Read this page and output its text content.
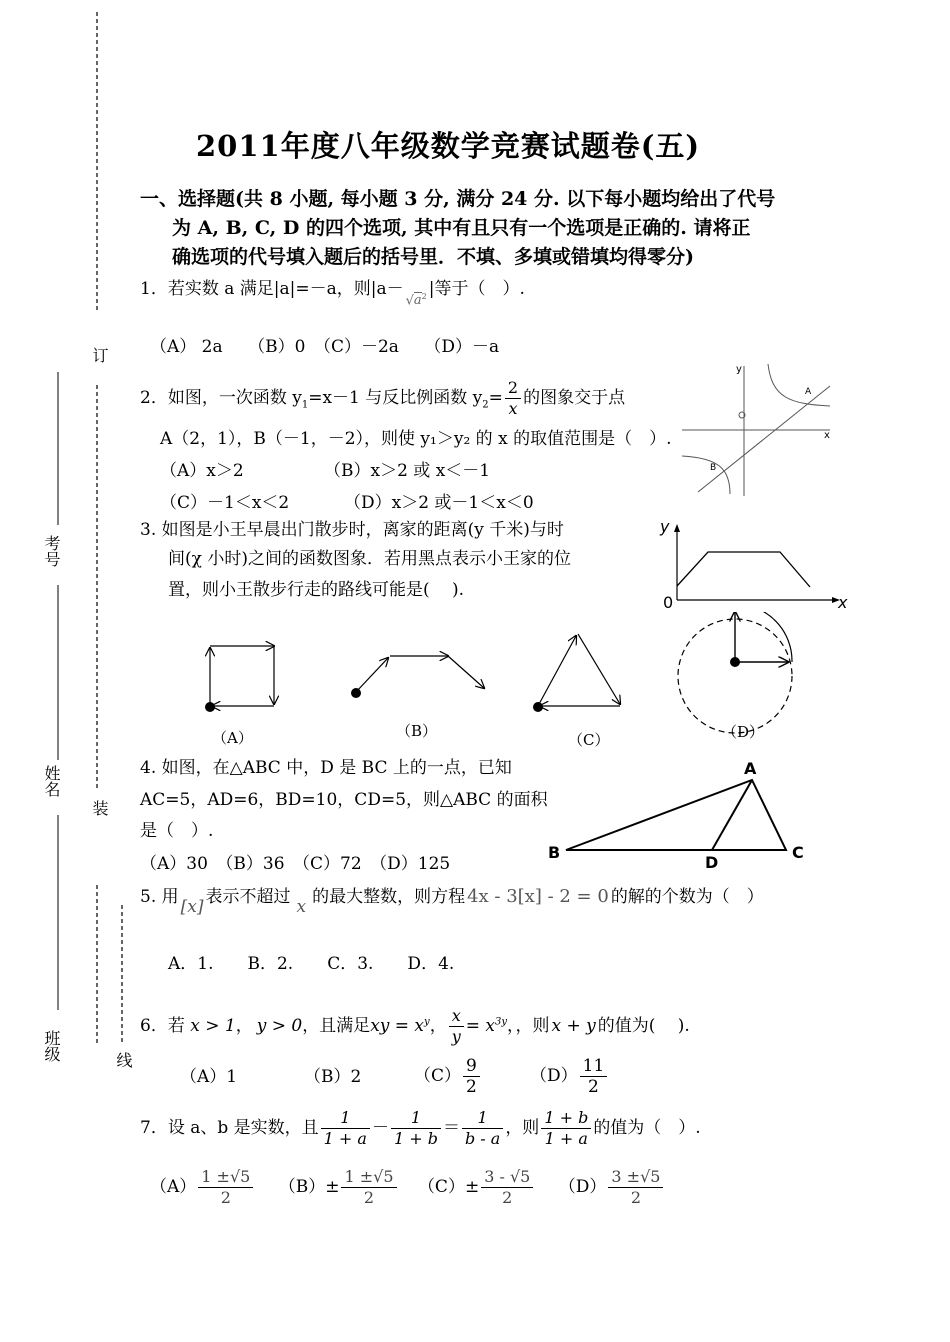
订
考号
姓名
装
班级	线
2011年度八年级数学竞赛试题卷(五)
一、选择题(共 8 小题, 每小题 3 分, 满分 24 分. 以下每小题均给出了代号
为 A, B, C, D 的四个选项, 其中有且只有一个选项是正确的. 请将正
确选项的代号填入题后的括号里．不填、多填或错填均得零分)
1．若实数 a 满足|a|=－a，则$|a-√a^2$ |等于（　）.
（A） 2a　　（B）0　（C）－2a　　（D）－a
2．如图，一次函数 $y_1=x-1$ 与反比例函数 $y_2= \frac{2}{x}$ 的图象交于点
A（2，1），B（－1，－2），则使 y₁＞y₂ 的 x 的取值范围是（　）.
（A）x＞2	（B）x＞2 或 x＜－1
（C）－1＜x＜2	（D）x＞2 或－1＜x＜0
y
x
A
B
3. 如图是小王早晨出门散步时，离家的距离(y 千米)与时
间(χ 小时)之间的函数图象．若用黑点表示小王家的位
置，则小王散步行走的路线可能是(　 ).
y
x
0
（A）	（B）	（C）	（D）
4. 如图，在△ABC 中，D 是 BC 上的一点，已知
AC=5，AD=6，BD=10，CD=5，则△ABC 的面积
是（　）.
（A）30　（B）36　（C）72　（D）125
A
B	C
D
5. 用 [x] 表示不超过 x 的最大整数，则方程 4x - 3[x] - 2 = 0 的解的个数为（　）
A．1.　　B．2.　　C．3.　　D．4.
6．若 x > 1， y > 0，且满足xy = $x^y$， $\frac{x}{y} = x^{3y}$，，则 x + y 的值为(　 ).
（A）1	（B）2	$(C) \frac{9}{2}$	$(D) \frac{11}{2}$
7．设 a、b 是实数，且 $\frac{1}{1 + a} - \frac{1}{1 + b} = \frac{1}{b - a}$ ，则 $\frac{1 + b}{1 + a}$ 的值为（　）.
$(A) \frac{1 \pm√5}{2} (B)\pm \frac{1 \pm√5}{2} (C)\pm \frac{3 - √5}{2} (D) \frac{3 \pm√5}{2}$
